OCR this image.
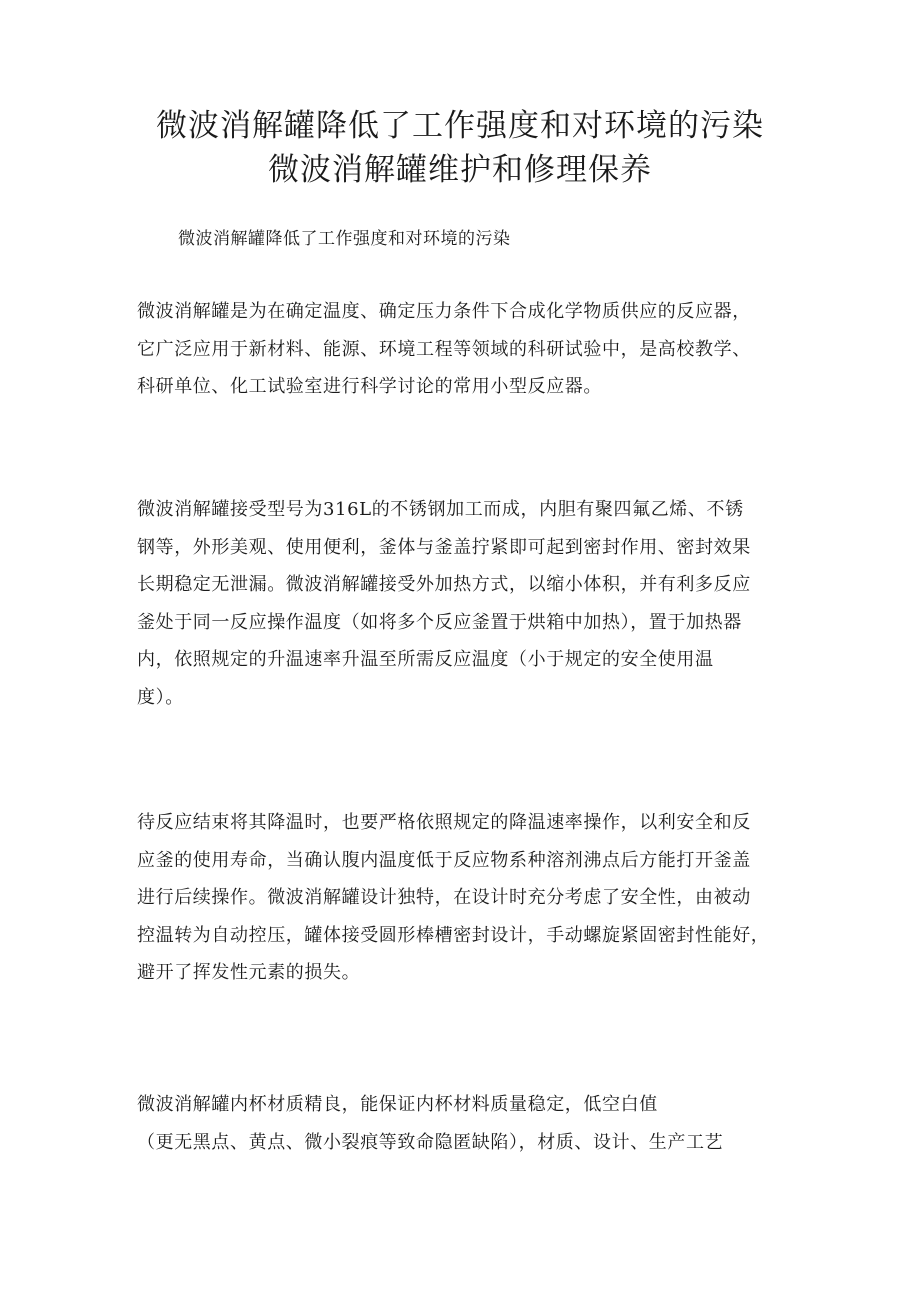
微波消解罐降低了工作强度和对环境的污染
微波消解罐维护和修理保养
微波消解罐降低了工作强度和对环境的污染
微波消解罐是为在确定温度、确定压力条件下合成化学物质供应的反应器，
它广泛应用于新材料、能源、环境工程等领域的科研试验中，是高校教学、
科研单位、化工试验室进行科学讨论的常用小型反应器。
微波消解罐接受型号为316L的不锈钢加工而成，内胆有聚四氟乙烯、不锈
钢等，外形美观、使用便利，釜体与釜盖拧紧即可起到密封作用、密封效果
长期稳定无泄漏。微波消解罐接受外加热方式，以缩小体积，并有利多反应
釜处于同一反应操作温度（如将多个反应釜置于烘箱中加热），置于加热器
内，依照规定的升温速率升温至所需反应温度（小于规定的安全使用温
度）。
待反应结束将其降温时，也要严格依照规定的降温速率操作，以利安全和反
应釜的使用寿命，当确认腹内温度低于反应物系种溶剂沸点后方能打开釜盖
进行后续操作。微波消解罐设计独特，在设计时充分考虑了安全性，由被动
控温转为自动控压，罐体接受圆形棒槽密封设计，手动螺旋紧固密封性能好，
避开了挥发性元素的损失。
微波消解罐内杯材质精良，能保证内杯材料质量稳定，低空白值
（更无黑点、黄点、微小裂痕等致命隐匿缺陷），材质、设计、生产工艺
